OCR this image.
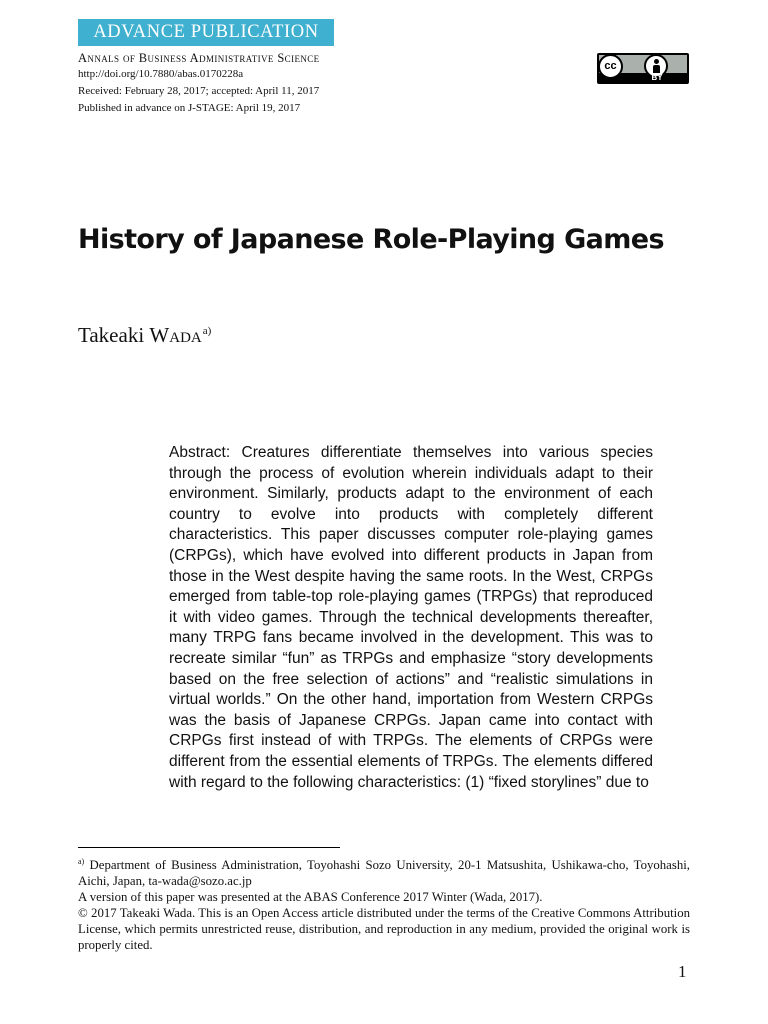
ADVANCE PUBLICATION
Annals of Business Administrative Science
http://doi.org/10.7880/abas.0170228a
Received: February 28, 2017; accepted: April 11, 2017
Published in advance on J-STAGE: April 19, 2017
cc
BY
History of Japanese Role-Playing Games
Takeaki Wada$^{a)}$
Abstract: Creatures differentiate themselves into various species through the process of evolution wherein individuals adapt to their environment. Similarly, products adapt to the environment of each country to evolve into products with completely different characteristics. This paper discusses computer role-playing games (CRPGs), which have evolved into different products in Japan from those in the West despite having the same roots. In the West, CRPGs emerged from table-top role-playing games (TRPGs) that reproduced it with video games. Through the technical developments thereafter, many TRPG fans became involved in the development. This was to recreate similar “fun” as TRPGs and emphasize “story developments based on the free selection of actions” and “realistic simulations in virtual worlds.” On the other hand, importation from Western CRPGs was the basis of Japanese CRPGs. Japan came into contact with CRPGs first instead of with TRPGs. The elements of CRPGs were different from the essential elements of TRPGs. The elements differed with regard to the following characteristics: (1) “fixed storylines” due to

$^{a)}$ Department of Business Administration, Toyohashi Sozo University, 20-1 Matsushita, Ushikawa-cho, Toyohashi, Aichi, Japan, ta-wada@sozo.ac.jp

A version of this paper was presented at the ABAS Conference 2017 Winter (Wada, 2017).

© 2017 Takeaki Wada. This is an Open Access article distributed under the terms of the Creative Commons Attribution License, which permits unrestricted reuse, distribution, and reproduction in any medium, provided the original work is properly cited.

1
